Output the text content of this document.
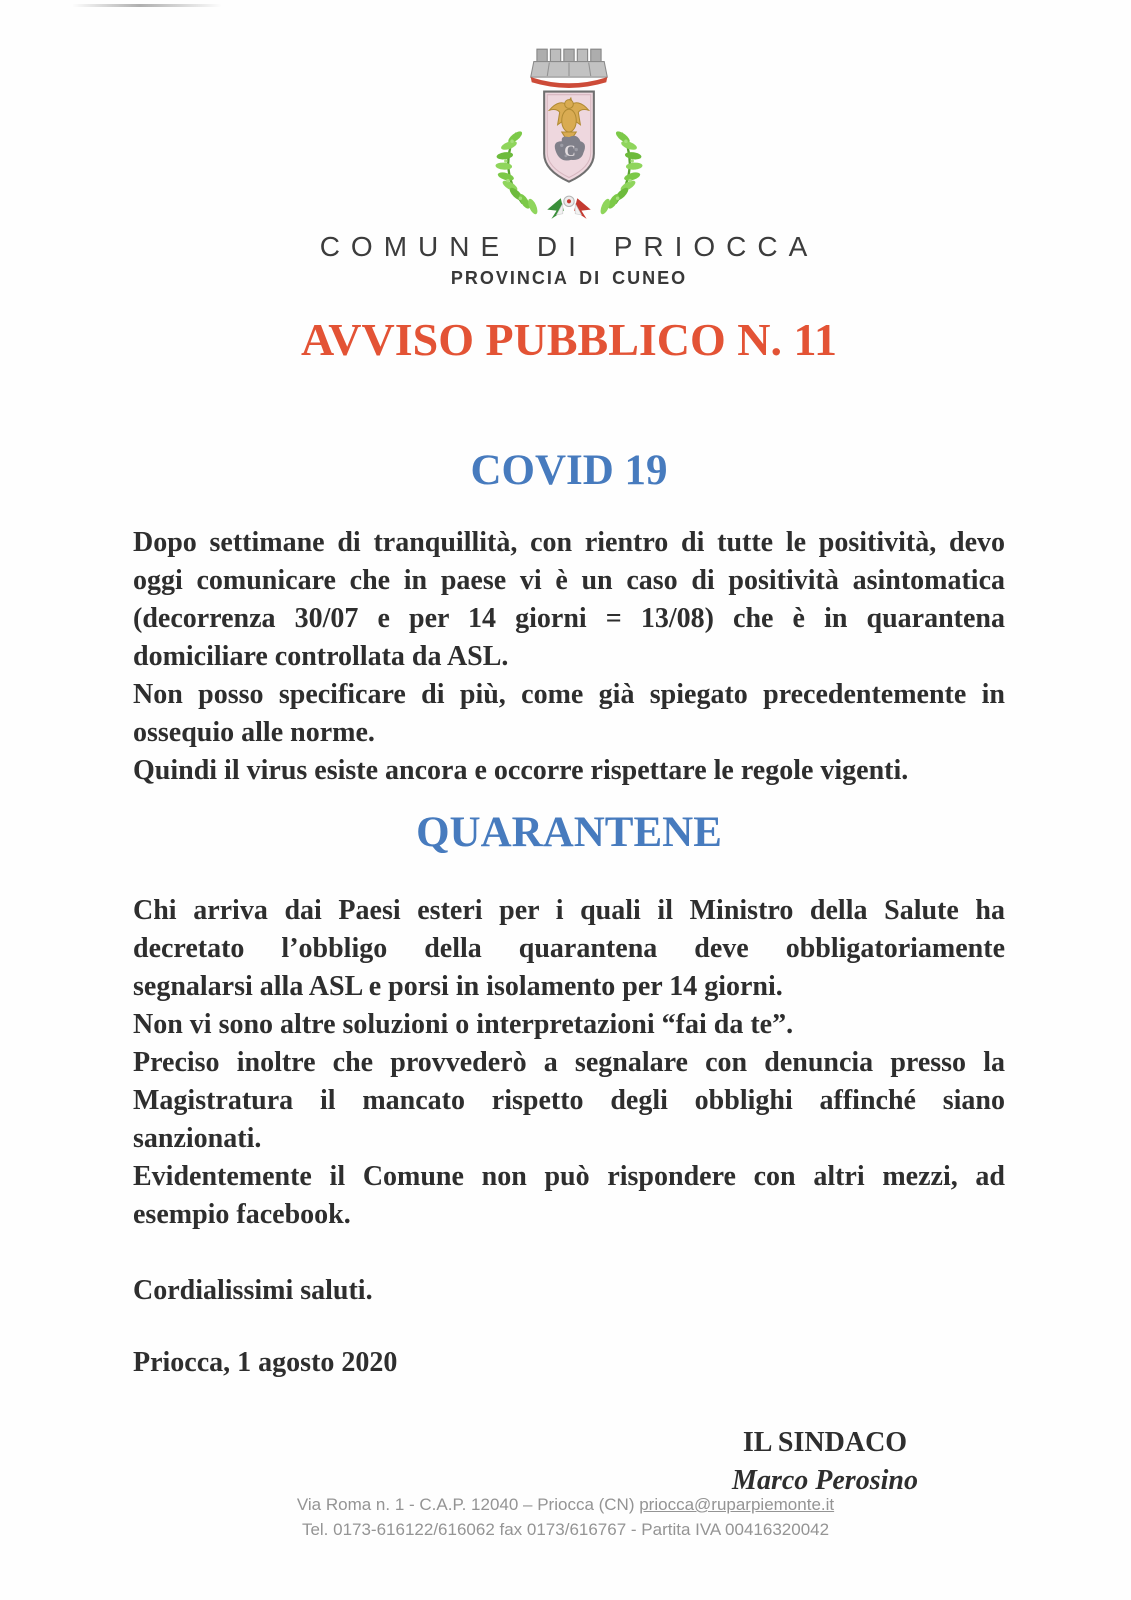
C
COMUNE DI PRIOCCA
PROVINCIA DI CUNEO
AVVISO PUBBLICO N. 11
COVID 19

Dopo settimane di tranquillità, con rientro di tutte le positività, devo
oggi comunicare che in paese vi è un caso di positività asintomatica
(decorrenza 30/07 e per 14 giorni = 13/08) che è in quarantena
domiciliare controllata da ASL.

Non posso specificare di più, come già spiegato precedentemente in
ossequio alle norme.

Quindi il virus esiste ancora e occorre rispettare le regole vigenti.

QUARANTENE

Chi arriva dai Paesi esteri per i quali il Ministro della Salute ha
decretato l’obbligo della quarantena deve obbligatoriamente
segnalarsi alla ASL e porsi in isolamento per 14 giorni.

Non vi sono altre soluzioni o interpretazioni “fai da te”.

Preciso inoltre che provvederò a segnalare con denuncia presso la
Magistratura il mancato rispetto degli obblighi affinché siano
sanzionati.

Evidentemente il Comune non può rispondere con altri mezzi, ad
esempio facebook.

Cordialissimi saluti.

Priocca, 1 agosto 2020

IL SINDACO
Marco Perosino
Via Roma n. 1 - C.A.P. 12040 – Priocca (CN) priocca@ruparpiemonte.it
Tel. 0173-616122/616062 fax 0173/616767 - Partita IVA 00416320042
